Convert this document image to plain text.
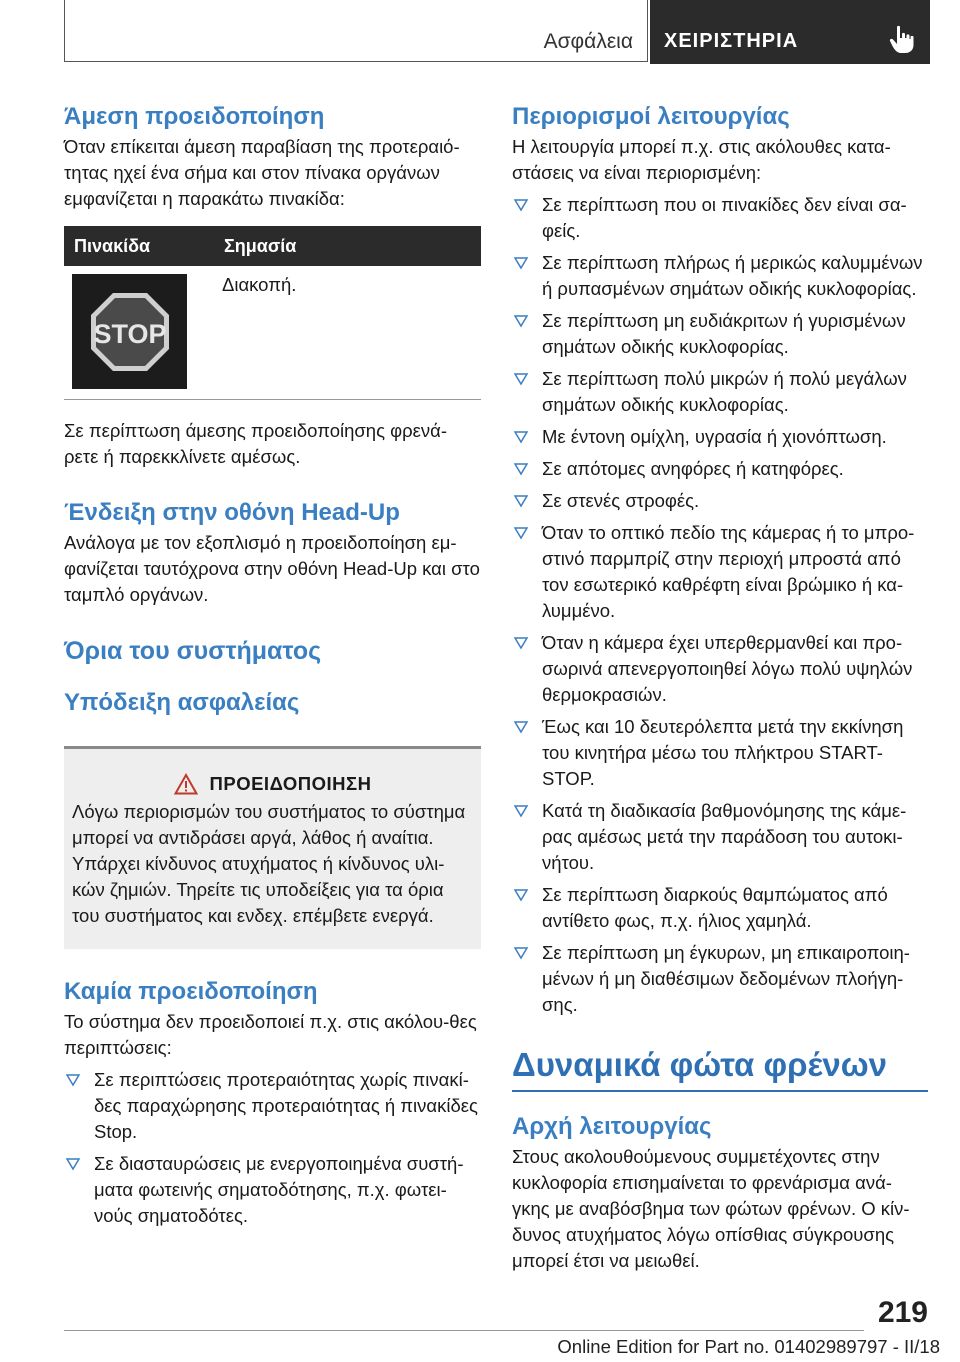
Ασφάλεια ΧΕΙΡΙΣΤΗΡΙΑ
Άμεση προειδοποίηση

Όταν επίκειται άμεση παραβίαση της προτεραιό-τητας ηχεί ένα σήμα και στον πίνακα οργάνων εμφανίζεται η παρακάτω πινακίδα:

Πινακίδα	Σημασία

STOP	Διακοπή.

Σε περίπτωση άμεσης προειδοποίησης φρενά-ρετε ή παρεκκλίνετε αμέσως.

Ένδειξη στην οθόνη Head-Up

Ανάλογα με τον εξοπλισμό η προειδοποίηση εμ-φανίζεται ταυτόχρονα στην οθόνη Head-Up και στο ταμπλό οργάνων.

Όρια του συστήματος
Υπόδειξη ασφαλείας
ΠΡΟΕΙΔΟΠΟΙΗΣΗ

Λόγω περιορισμών του συστήματος το σύστημα μπορεί να αντιδράσει αργά, λάθος ή αναίτια. Υπάρχει κίνδυνος ατυχήματος ή κίνδυνος υλι-κών ζημιών. Τηρείτε τις υποδείξεις για τα όρια του συστήματος και ενδεχ. επέμβετε ενεργά.

Καμία προειδοποίηση

Το σύστημα δεν προειδοποιεί π.χ. στις ακόλου-θες περιπτώσεις:

Σε περιπτώσεις προτεραιότητας χωρίς πινακί-δες παραχώρησης προτεραιότητας ή πινακίδες Stop.
Σε διασταυρώσεις με ενεργοποιημένα συστή-ματα φωτεινής σηματοδότησης, π.χ. φωτει-νούς σηματοδότες.
Περιορισμοί λειτουργίας

Η λειτουργία μπορεί π.χ. στις ακόλουθες κατα-στάσεις να είναι περιορισμένη:

Σε περίπτωση που οι πινακίδες δεν είναι σα-φείς.
Σε περίπτωση πλήρως ή μερικώς καλυμμένων ή ρυπασμένων σημάτων οδικής κυκλοφορίας.
Σε περίπτωση μη ευδιάκριτων ή γυρισμένων σημάτων οδικής κυκλοφορίας.
Σε περίπτωση πολύ μικρών ή πολύ μεγάλων σημάτων οδικής κυκλοφορίας.
Με έντονη ομίχλη, υγρασία ή χιονόπτωση.
Σε απότομες ανηφόρες ή κατηφόρες.
Σε στενές στροφές.
Όταν το οπτικό πεδίο της κάμερας ή το μπρο-στινό παρμπρίζ στην περιοχή μπροστά από τον εσωτερικό καθρέφτη είναι βρώμικο ή κα-λυμμένο.
Όταν η κάμερα έχει υπερθερμανθεί και προ-σωρινά απενεργοποιηθεί λόγω πολύ υψηλών θερμοκρασιών.
Έως και 10 δευτερόλεπτα μετά την εκκίνηση του κινητήρα μέσω του πλήκτρου START-STOP.
Κατά τη διαδικασία βαθμονόμησης της κάμε-ρας αμέσως μετά την παράδοση του αυτοκι-νήτου.
Σε περίπτωση διαρκούς θαμπώματος από αντίθετο φως, π.χ. ήλιος χαμηλά.
Σε περίπτωση μη έγκυρων, μη επικαιροποιη-μένων ή μη διαθέσιμων δεδομένων πλοήγη-σης.
Δυναμικά φώτα φρένων
Αρχή λειτουργίας

Στους ακολουθούμενους συμμετέχοντες στην κυκλοφορία επισημαίνεται το φρενάρισμα ανά-γκης με αναβόσβημα των φώτων φρένων. Ο κίν-δυνος ατυχήματος λόγω οπίσθιας σύγκρουσης μπορεί έτσι να μειωθεί.

219
Online Edition for Part no. 01402989797 - II/18
